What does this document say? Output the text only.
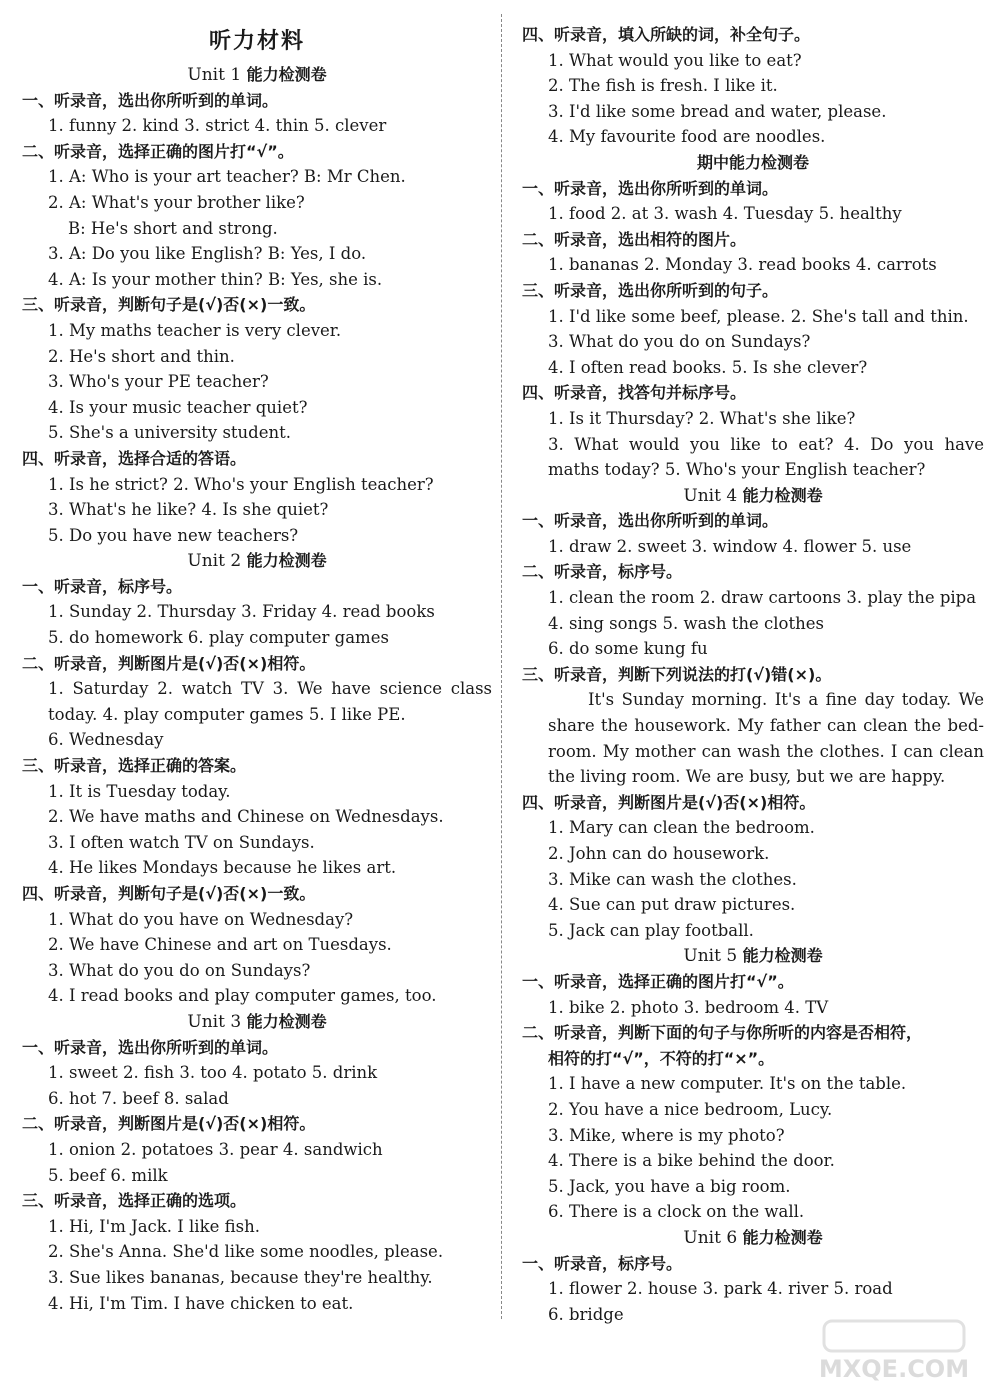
听力材料
Unit 1 能力检测卷
一、听录音，选出你所听到的单词。
1. funny 2. kind 3. strict 4. thin 5. clever
二、听录音，选择正确的图片打“√”。
1. A: Who is your art teacher? B: Mr Chen.
2. A: What's your brother like?
B: He's short and strong.
3. A: Do you like English? B: Yes, I do.
4. A: Is your mother thin? B: Yes, she is.
三、听录音，判断句子是(√)否(×)一致。
1. My maths teacher is very clever.
2. He's short and thin.
3. Who's your PE teacher?
4. Is your music teacher quiet?
5. She's a university student.
四、听录音，选择合适的答语。
1. Is he strict? 2. Who's your English teacher?
3. What's he like? 4. Is she quiet?
5. Do you have new teachers?
Unit 2 能力检测卷
一、听录音，标序号。
1. Sunday 2. Thursday 3. Friday 4. read books
5. do homework 6. play computer games
二、听录音，判断图片是(√)否(×)相符。
1. Saturday 2. watch TV 3. We have science class
today. 4. play computer games 5. I like PE.
6. Wednesday
三、听录音，选择正确的答案。
1. It is Tuesday today.
2. We have maths and Chinese on Wednesdays.
3. I often watch TV on Sundays.
4. He likes Mondays because he likes art.
四、听录音，判断句子是(√)否(×)一致。
1. What do you have on Wednesday?
2. We have Chinese and art on Tuesdays.
3. What do you do on Sundays?
4. I read books and play computer games, too.
Unit 3 能力检测卷
一、听录音，选出你所听到的单词。
1. sweet 2. fish 3. too 4. potato 5. drink
6. hot 7. beef 8. salad
二、听录音，判断图片是(√)否(×)相符。
1. onion 2. potatoes 3. pear 4. sandwich
5. beef 6. milk
三、听录音，选择正确的选项。
1. Hi, I'm Jack. I like fish.
2. She's Anna. She'd like some noodles, please.
3. Sue likes bananas, because they're healthy.
4. Hi, I'm Tim. I have chicken to eat.
四、听录音，填入所缺的词，补全句子。
1. What would you like to eat?
2. The fish is fresh. I like it.
3. I'd like some bread and water, please.
4. My favourite food are noodles.
期中能力检测卷
一、听录音，选出你所听到的单词。
1. food 2. at 3. wash 4. Tuesday 5. healthy
二、听录音，选出相符的图片。
1. bananas 2. Monday 3. read books 4. carrots
三、听录音，选出你所听到的句子。
1. I'd like some beef, please. 2. She's tall and thin.
3. What do you do on Sundays?
4. I often read books. 5. Is she clever?
四、听录音，找答句并标序号。
1. Is it Thursday? 2. What's she like?
3. What would you like to eat? 4. Do you have
maths today? 5. Who's your English teacher?
Unit 4 能力检测卷
一、听录音，选出你所听到的单词。
1. draw 2. sweet 3. window 4. flower 5. use
二、听录音，标序号。
1. clean the room 2. draw cartoons 3. play the pipa
4. sing songs 5. wash the clothes
6. do some kung fu
三、听录音，判断下列说法的打(√)错(×)。
It's Sunday morning. It's a fine day today. We
share the housework. My father can clean the bed-
room. My mother can wash the clothes. I can clean
the living room. We are busy, but we are happy.
四、听录音，判断图片是(√)否(×)相符。
1. Mary can clean the bedroom.
2. John can do housework.
3. Mike can wash the clothes.
4. Sue can put draw pictures.
5. Jack can play football.
Unit 5 能力检测卷
一、听录音，选择正确的图片打“√”。
1. bike 2. photo 3. bedroom 4. TV
二、听录音，判断下面的句子与你所听的内容是否相符，
相符的打“√”，不符的打“×”。
1. I have a new computer. It's on the table.
2. You have a nice bedroom, Lucy.
3. Mike, where is my photo?
4. There is a bike behind the door.
5. Jack, you have a big room.
6. There is a clock on the wall.
Unit 6 能力检测卷
一、听录音，标序号。
1. flower 2. house 3. park 4. river 5. road
6. bridge
MXQE.COM
